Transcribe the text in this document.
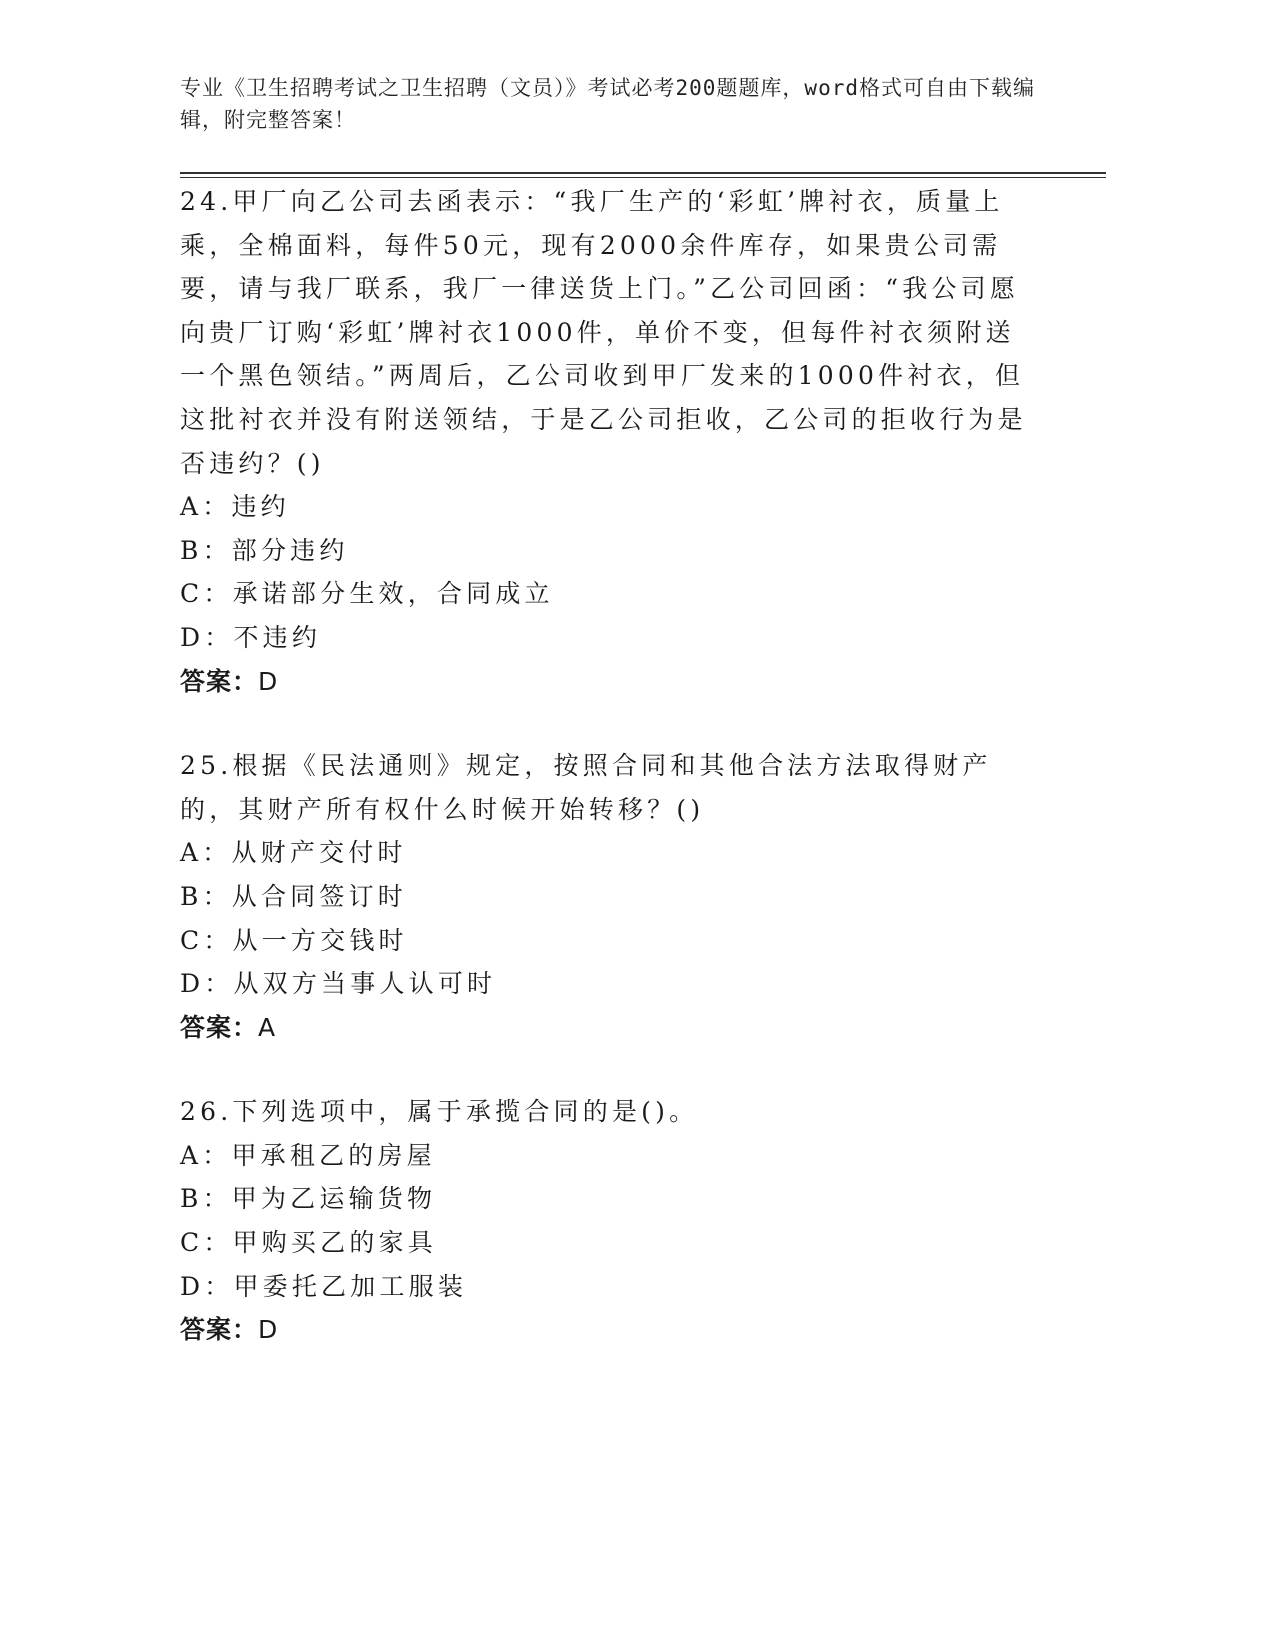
专业《卫生招聘考试之卫生招聘（文员）》考试必考200题题库，word格式可自由下载编辑，附完整答案！

24.甲厂向乙公司去函表示：“我厂生产的‘彩虹’牌衬衣，质量上乘，全棉面料，每件50元，现有2000余件库存，如果贵公司需要，请与我厂联系，我厂一律送货上门。”乙公司回函：“我公司愿向贵厂订购‘彩虹’牌衬衣1000件，单价不变，但每件衬衣须附送一个黑色领结。”两周后，乙公司收到甲厂发来的1000件衬衣，但这批衬衣并没有附送领结，于是乙公司拒收，乙公司的拒收行为是否违约？()

A：违约

B：部分违约

C：承诺部分生效，合同成立

D：不违约

答案：D

25.根据《民法通则》规定，按照合同和其他合法方法取得财产的，其财产所有权什么时候开始转移？()

A：从财产交付时

B：从合同签订时

C：从一方交钱时

D：从双方当事人认可时

答案：A

26.下列选项中，属于承揽合同的是()。

A：甲承租乙的房屋

B：甲为乙运输货物

C：甲购买乙的家具

D：甲委托乙加工服装

答案：D
